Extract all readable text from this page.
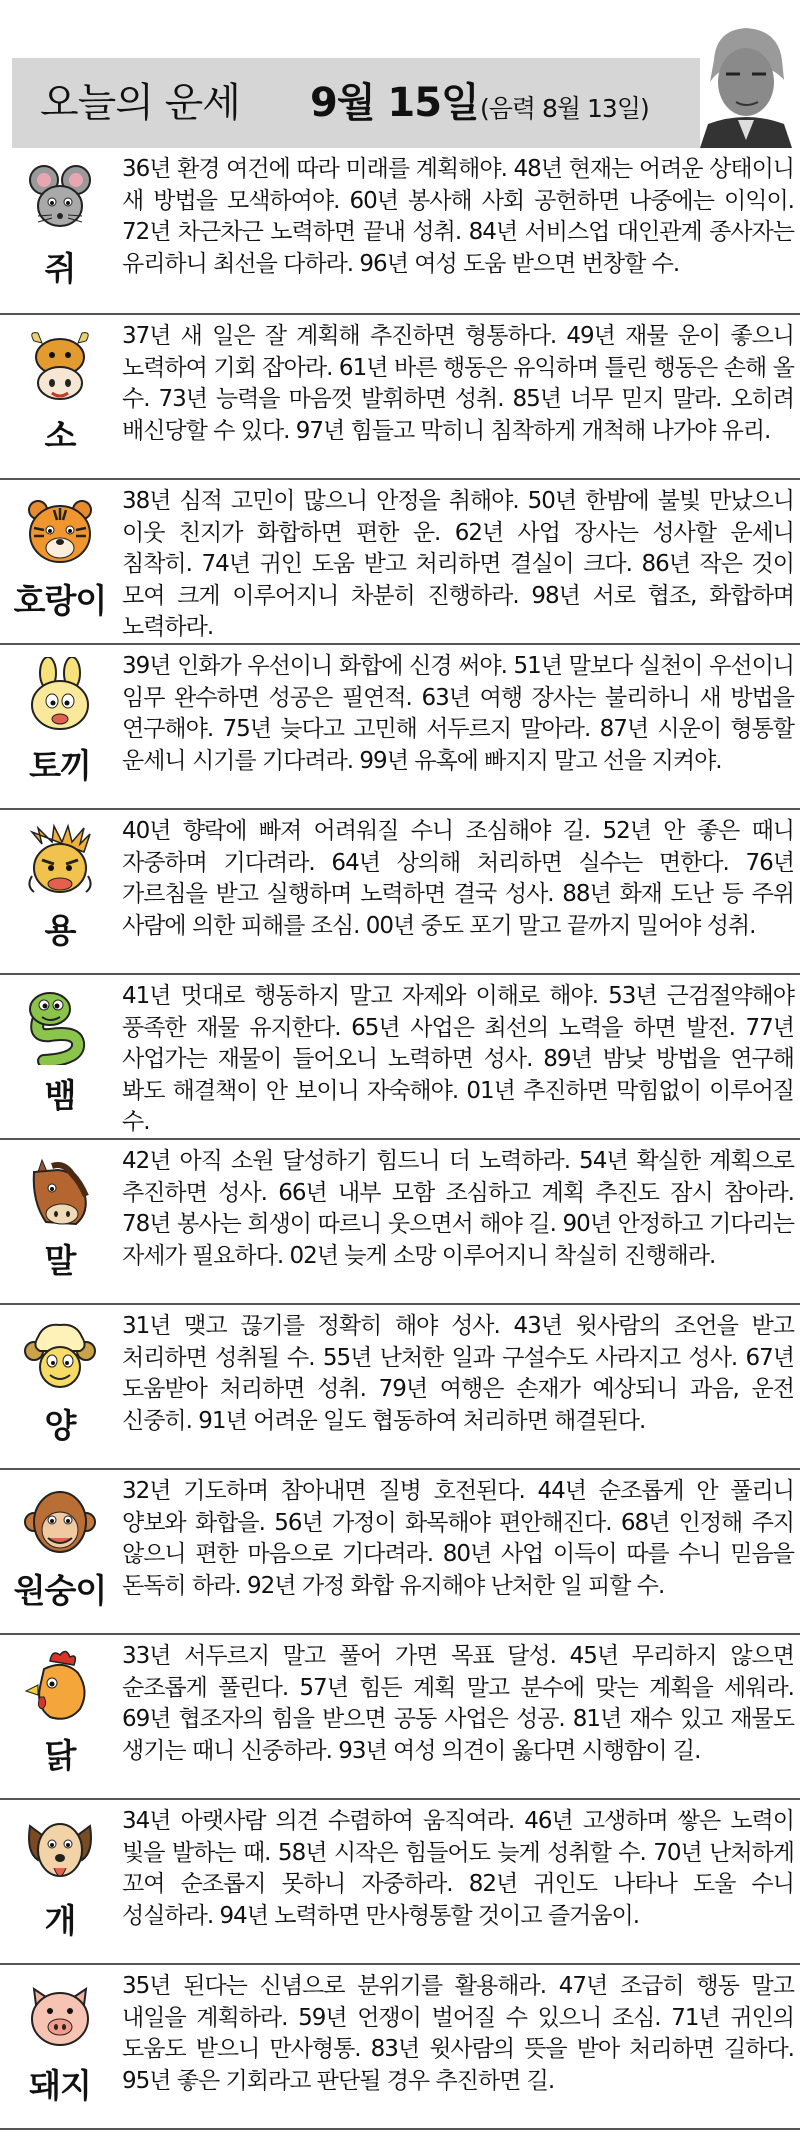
오늘의 운세 9월 15일 (음력 8월 13일)
쥐

36년 환경 여건에 따라 미래를 계획해야. 48년 현재는 어려운 상태이니 새 방법을 모색하여야. 60년 봉사해 사회 공헌하면 나중에는 이익이. 72년 차근차근 노력하면 끝내 성취. 84년 서비스업 대인관계 종사자는 유리하니 최선을 다하라. 96년 여성 도움 받으면 번창할 수.

소

37년 새 일은 잘 계획해 추진하면 형통하다. 49년 재물 운이 좋으니 노력하여 기회 잡아라. 61년 바른 행동은 유익하며 틀린 행동은 손해 올 수. 73년 능력을 마음껏 발휘하면 성취. 85년 너무 믿지 말라. 오히려 배신당할 수 있다. 97년 힘들고 막히니 침착하게 개척해 나가야 유리.

호랑이

38년 심적 고민이 많으니 안정을 취해야. 50년 한밤에 불빛 만났으니 이웃 친지가 화합하면 편한 운. 62년 사업 장사는 성사할 운세니 침착히. 74년 귀인 도움 받고 처리하면 결실이 크다. 86년 작은 것이 모여 크게 이루어지니 차분히 진행하라. 98년 서로 협조, 화합하며 노력하라.

토끼

39년 인화가 우선이니 화합에 신경 써야. 51년 말보다 실천이 우선이니 임무 완수하면 성공은 필연적. 63년 여행 장사는 불리하니 새 방법을 연구해야. 75년 늦다고 고민해 서두르지 말아라. 87년 시운이 형통할 운세니 시기를 기다려라. 99년 유혹에 빠지지 말고 선을 지켜야.

용

40년 향락에 빠져 어려워질 수니 조심해야 길. 52년 안 좋은 때니 자중하며 기다려라. 64년 상의해 처리하면 실수는 면한다. 76년 가르침을 받고 실행하며 노력하면 결국 성사. 88년 화재 도난 등 주위 사람에 의한 피해를 조심. 00년 중도 포기 말고 끝까지 밀어야 성취.

뱀

41년 멋대로 행동하지 말고 자제와 이해로 해야. 53년 근검절약해야 풍족한 재물 유지한다. 65년 사업은 최선의 노력을 하면 발전. 77년 사업가는 재물이 들어오니 노력하면 성사. 89년 밤낮 방법을 연구해 봐도 해결책이 안 보이니 자숙해야. 01년 추진하면 막힘없이 이루어질 수.

말

42년 아직 소원 달성하기 힘드니 더 노력하라. 54년 확실한 계획으로 추진하면 성사. 66년 내부 모함 조심하고 계획 추진도 잠시 참아라. 78년 봉사는 희생이 따르니 웃으면서 해야 길. 90년 안정하고 기다리는 자세가 필요하다. 02년 늦게 소망 이루어지니 착실히 진행해라.

양

31년 맺고 끊기를 정확히 해야 성사. 43년 윗사람의 조언을 받고 처리하면 성취될 수. 55년 난처한 일과 구설수도 사라지고 성사. 67년 도움받아 처리하면 성취. 79년 여행은 손재가 예상되니 과음, 운전 신중히. 91년 어려운 일도 협동하여 처리하면 해결된다.

원숭이

32년 기도하며 참아내면 질병 호전된다. 44년 순조롭게 안 풀리니 양보와 화합을. 56년 가정이 화목해야 편안해진다. 68년 인정해 주지 않으니 편한 마음으로 기다려라. 80년 사업 이득이 따를 수니 믿음을 돈독히 하라. 92년 가정 화합 유지해야 난처한 일 피할 수.

닭

33년 서두르지 말고 풀어 가면 목표 달성. 45년 무리하지 않으면 순조롭게 풀린다. 57년 힘든 계획 말고 분수에 맞는 계획을 세워라. 69년 협조자의 힘을 받으면 공동 사업은 성공. 81년 재수 있고 재물도 생기는 때니 신중하라. 93년 여성 의견이 옳다면 시행함이 길.

개

34년 아랫사람 의견 수렴하여 움직여라. 46년 고생하며 쌓은 노력이 빛을 발하는 때. 58년 시작은 힘들어도 늦게 성취할 수. 70년 난처하게 꼬여 순조롭지 못하니 자중하라. 82년 귀인도 나타나 도울 수니 성실하라. 94년 노력하면 만사형통할 것이고 즐거움이.

돼지

35년 된다는 신념으로 분위기를 활용해라. 47년 조급히 행동 말고 내일을 계획하라. 59년 언쟁이 벌어질 수 있으니 조심. 71년 귀인의 도움도 받으니 만사형통. 83년 윗사람의 뜻을 받아 처리하면 길하다. 95년 좋은 기회라고 판단될 경우 추진하면 길.
